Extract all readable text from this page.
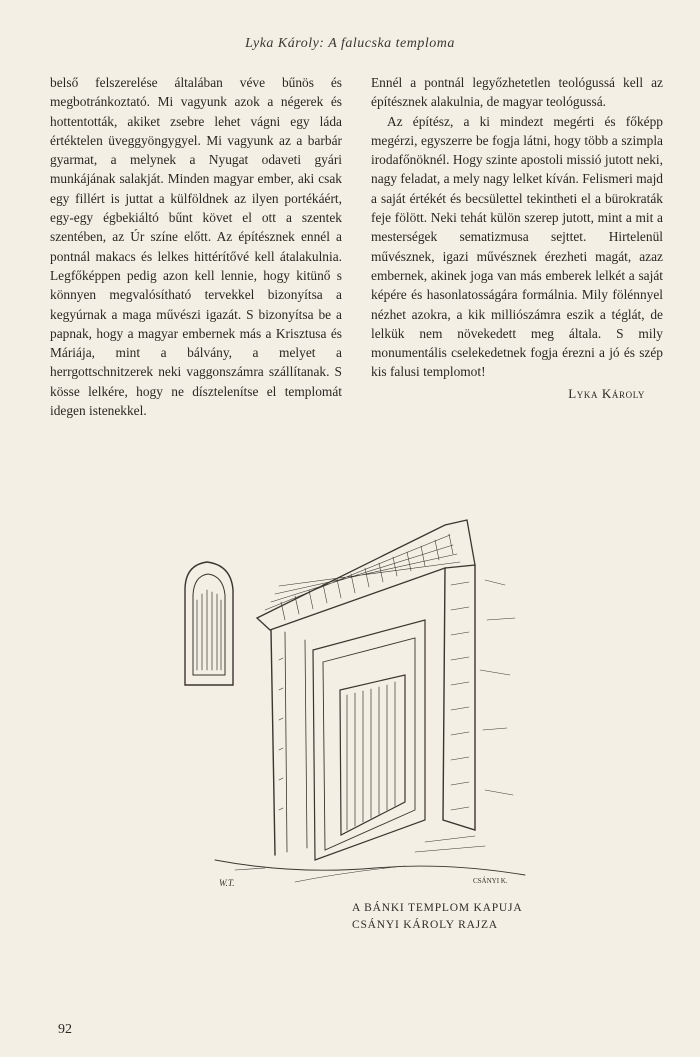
Lyka Károly: A falucska temploma

belső felszerelése általában véve bűnös és megbotránkoztató. Mi vagyunk azok a négerek és hottentották, akiket zsebre lehet vágni egy láda értéktelen üveggyöngygyel. Mi vagyunk az a barbár gyarmat, a melynek a Nyugat odaveti gyári munkájának salakját. Minden magyar ember, aki csak egy fillért is juttat a külföldnek az ilyen portékáért, egy-egy égbekiáltó bűnt követ el ott a szentek szentében, az Úr színe előtt. Az építésznek ennél a pontnál makacs és lelkes hittérítővé kell átalakulnia. Legfőképpen pedig azon kell lennie, hogy kitünő s könnyen megvalósítható tervekkel bizonyítsa a kegyúrnak a maga művészi igazát. S bizonyítsa be a papnak, hogy a magyar embernek más a Krisztusa és Máriája, mint a bálvány, a melyet a herrgottschnitzerek neki vaggonszámra szállítanak. S kösse lelkére, hogy ne dísztelenítse el templomát idegen istenekkel.

Ennél a pontnál legyőzhetetlen teológussá kell az építésznek alakulnia, de magyar teológussá.

Az építész, a ki mindezt megérti és főképp megérzi, egyszerre be fogja látni, hogy több a szimpla irodafőnöknél. Hogy szinte apostoli missió jutott neki, nagy feladat, a mely nagy lelket kíván. Felismeri majd a saját értékét és becsülettel tekintheti el a bürokraták feje fölött. Neki tehát külön szerep jutott, mint a mit a mesterségek sematizmusa sejttet. Hirtelenül művésznek, igazi művésznek érezheti magát, azaz embernek, akinek joga van más emberek lelkét a saját képére és hasonlatosságára formálnia. Mily fölénnyel nézhet azokra, a kik milliószámra eszik a téglát, de lelkük nem növekedett meg általa. S mily monumentális cselekedetnek fogja érezni a jó és szép kis falusi templomot!

Lyka Károly
W.T.	CSÁNYI K.
A BÁNKI TEMPLOM KAPUJA
CSÁNYI KÁROLY RAJZA
92
